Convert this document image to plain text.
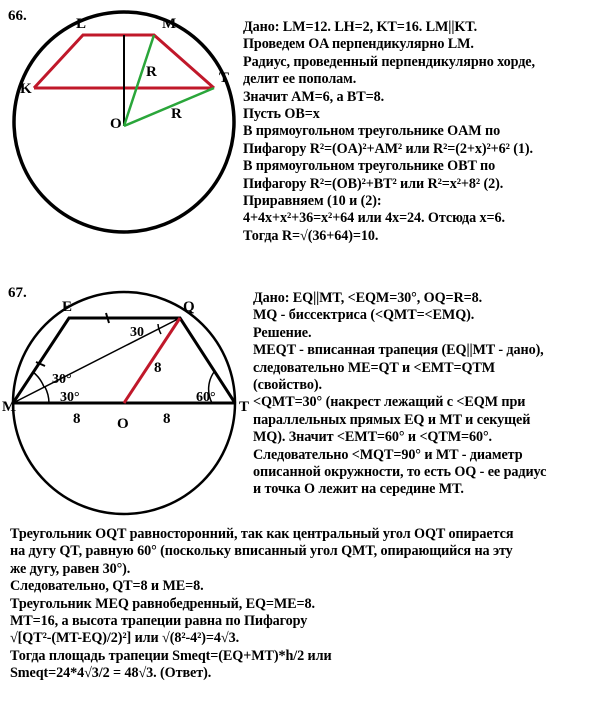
66.	L	M
K
T
O
R
R
Дано: LM=12. LH=2, KT=16. LM||KT.
Проведем OA перпендикулярно LM.
Радиус, проведенный перпендикулярно хорде,
делит ее пополам.
Значит AM=6, а BT=8.
Пусть OB=x
В прямоугольном треугольнике OAM по
Пифагору R²=(OA)²+AM² или R²=(2+x)²+6² (1).
В прямоугольном треугольнике OBT по
Пифагору R²=(OB)²+BT² или R²=x²+8² (2).
Приравняем (10 и (2):
4+4x+x²+36=x²+64 или 4x=24. Отсюда x=6.
Тогда R=√(36+64)=10.
67.
E	Q
M
O
T
30
30°
30°	60°
8
8	8
Дано: EQ||MT, <EQM=30°, OQ=R=8.
MQ - биссектриса (<QMT=<EMQ).
Решение.
MEQT - вписанная трапеция (EQ||MT - дано),
следовательно ME=QT и <EMT=QTM
(свойство).
<QMT=30° (накрест лежащий с <EQM при
параллельных прямых EQ и MT и секущей
MQ). Значит <EMT=60° и <QTM=60°.
Следовательно <MQT=90° и MT - диаметр
описанной окружности, то есть OQ - ее радиус
и точка O лежит на середине MT.
Треугольник OQT равносторонний, так как центральный угол OQT опирается
на дугу QT, равную 60° (поскольку вписанный угол QMT, опирающийся на эту
же дугу, равен 30°).
Следовательно, QT=8 и ME=8.
Треугольник MEQ равнобедренный, EQ=ME=8.
MT=16, а высота трапеции равна по Пифагору
√[QT²-(MT-EQ)/2)²] или √(8²-4²)=4√3.
Тогда площадь трапеции Smeqt=(EQ+MT)*h/2 или
Smeqt=24*4√3/2 = 48√3. (Ответ).
